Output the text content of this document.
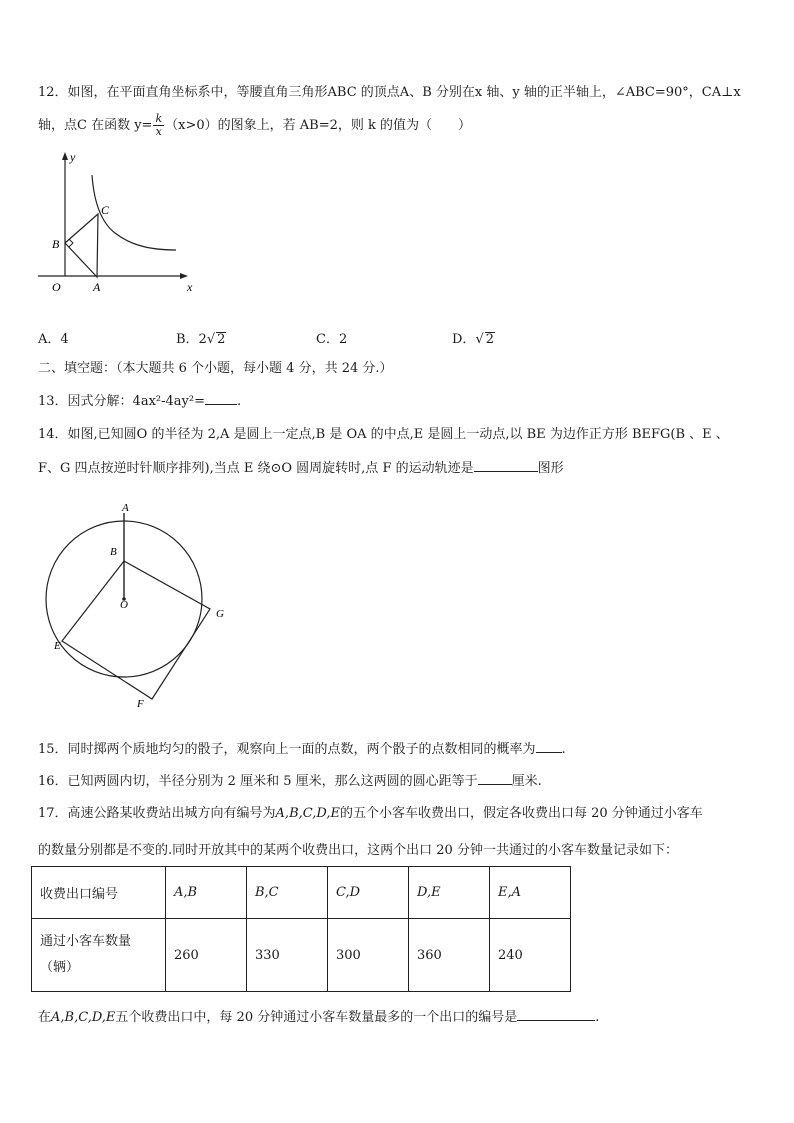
12．如图，在平面直角坐标系中，等腰直角三角形ABC 的顶点A、B 分别在x 轴、y 轴的正半轴上，∠ABC=90°，CA⊥x
轴，点C 在函数 $y= \frac{k}{x} (x>0)$的图象上，若 AB=2，则 k 的值为（　　）
y
C
B
O	A	x
A．4	B．2√ 2	C．2	D．√ 2
二、填空题：（本大题共 6 个小题，每小题 4 分，共 24 分.）
13．因式分解：4ax²-4ay²= .
14．如图,已知圆O 的半径为 2,A 是圆上一定点,B 是 OA 的中点,E 是圆上一动点,以 BE 为边作正方形 BEFG(B 、E 、
F、G 四点按逆时针顺序排列),当点 E 绕⊙O 圆周旋转时,点 F 的运动轨迹是	图形
A
B
O
G
E
F
15．同时掷两个质地均匀的骰子，观察向上一面的点数，两个骰子的点数相同的概率为 .
16．已知两圆内切，半径分别为 2 厘米和 5 厘米，那么这两圆的圆心距等于	厘米.
17．高速公路某收费站出城方向有编号为A,B,C,D,E的五个小客车收费出口，假定各收费出口每 20 分钟通过小客车
的数量分别都是不变的.同时开放其中的某两个收费出口，这两个出口 20 分钟一共通过的小客车数量记录如下：
收费出口编号	A,B	B,C	C,D	D,E	E,A
通过小客车数量（辆）	260	330	300	360	240
在A,B,C,D,E五个收费出口中，每 20 分钟通过小客车数量最多的一个出口的编号是	.
